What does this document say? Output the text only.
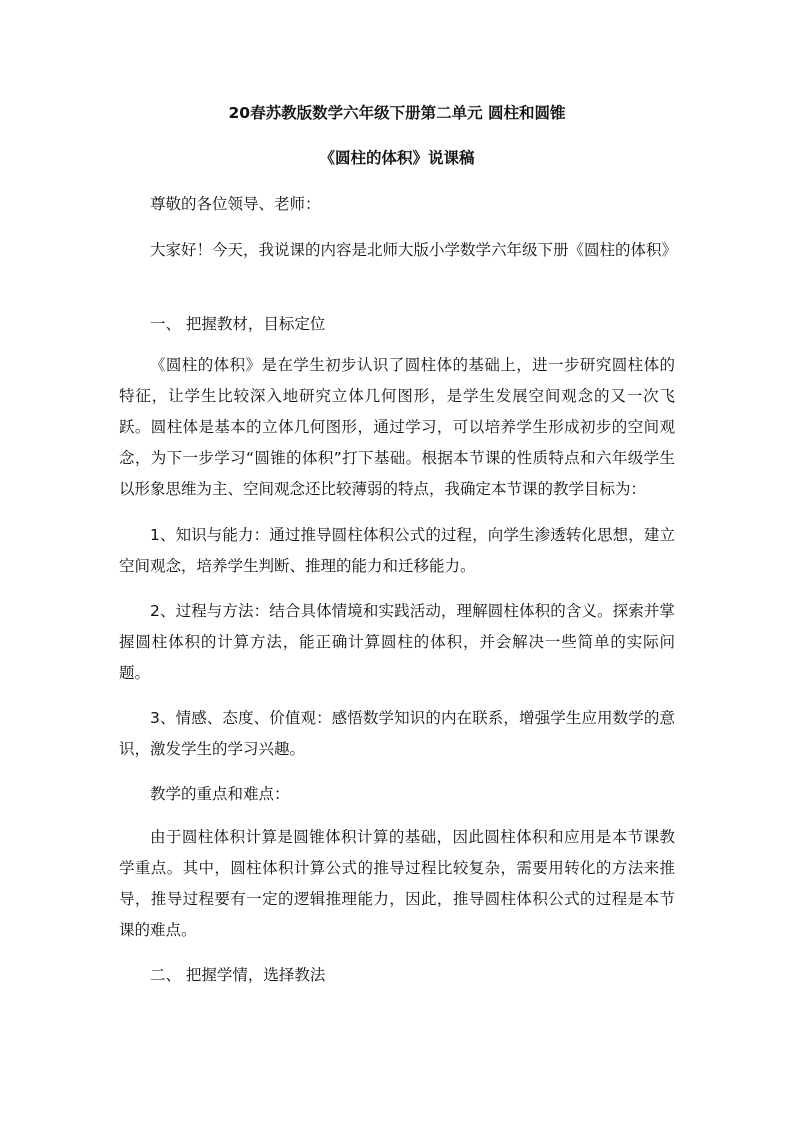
20春苏教版数学六年级下册第二单元 圆柱和圆锥
《圆柱的体积》说课稿

尊敬的各位领导、老师：

大家好！今天，我说课的内容是北师大版小学数学六年级下册《圆柱的体积》

一、 把握教材，目标定位

《圆柱的体积》是在学生初步认识了圆柱体的基础上，进一步研究圆柱体的特征，让学生比较深入地研究立体几何图形，是学生发展空间观念的又一次飞跃。圆柱体是基本的立体几何图形，通过学习，可以培养学生形成初步的空间观念，为下一步学习“圆锥的体积”打下基础。根据本节课的性质特点和六年级学生以形象思维为主、空间观念还比较薄弱的特点，我确定本节课的教学目标为：

1、知识与能力：通过推导圆柱体积公式的过程，向学生渗透转化思想，建立空间观念，培养学生判断、推理的能力和迁移能力。

2、过程与方法：结合具体情境和实践活动，理解圆柱体积的含义。探索并掌握圆柱体积的计算方法，能正确计算圆柱的体积，并会解决一些简单的实际问题。

3、情感、态度、价值观：感悟数学知识的内在联系，增强学生应用数学的意识，激发学生的学习兴趣。

教学的重点和难点：

由于圆柱体积计算是圆锥体积计算的基础，因此圆柱体积和应用是本节课教学重点。其中，圆柱体积计算公式的推导过程比较复杂，需要用转化的方法来推导，推导过程要有一定的逻辑推理能力，因此，推导圆柱体积公式的过程是本节课的难点。

二、 把握学情，选择教法
